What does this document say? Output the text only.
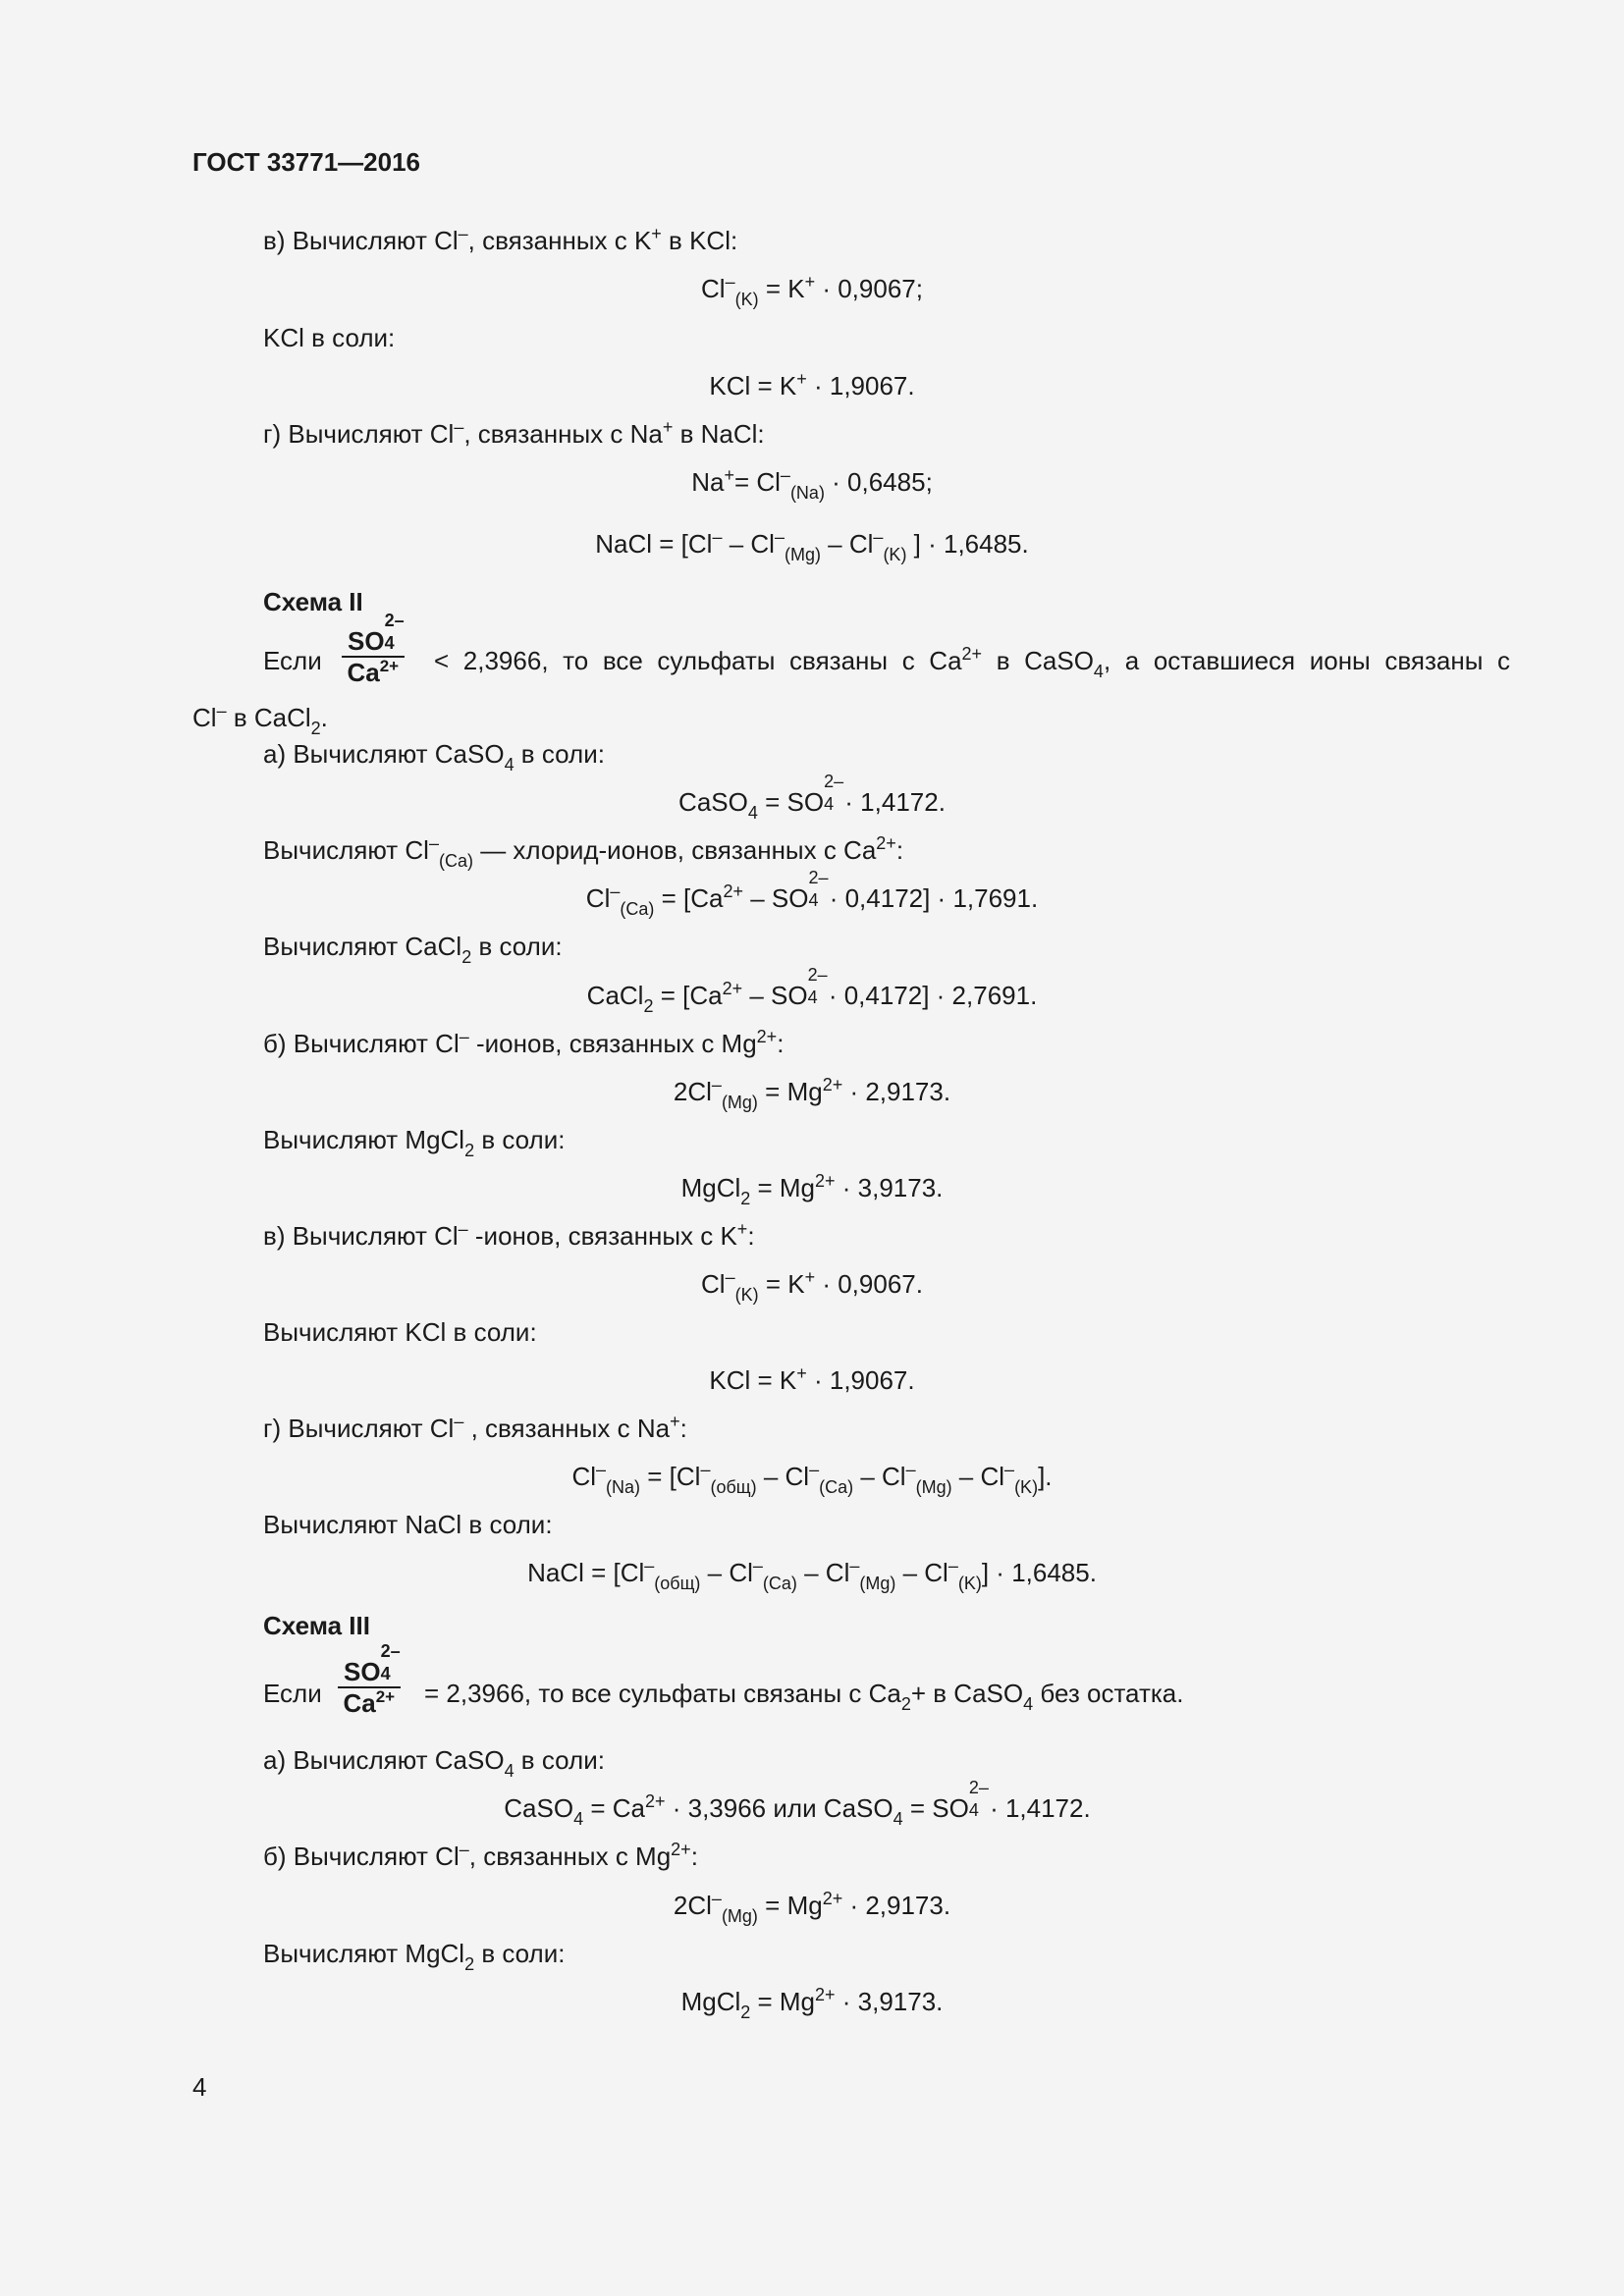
ГОСТ 33771—2016
в) Вычисляют Cl–, связанных с K+ в KCl:
$Cl^-_{(K)} = K^+ \cdot 0,9067$;
KCl в соли:
KCl = K+ · 1,9067.
г) Вычисляют Cl–, связанных с Na+ в NaCl:
$Na^+= Cl^-_{(Na)} \cdot 0,6485$;
NaCl = [$Cl^- - Cl^-_{(Mg)} - Cl^-_{(K)}$ ] · 1,6485.
Схема II
Если SO
2–
4
$Ca^{2+} < 2,3966$, то все сульфаты связаны с $Ca^{2+}$ в CaSO$_4$, а оставшиеся ионы связаны с
Cl– в CaCl$_2$.
а) Вычисляют CaSO$_4$ в соли:
CaSO$_4$ = SO
2–
4 · 1,4172.
Вычисляют $Cl^-_{(Ca)}$ — хлорид-ионов, связанных с $Ca^{2+}$:
$Cl^-_{(Ca)} = [Ca^{2+}$ – SO
2–
4 · 0,4172] · 1,7691.
Вычисляют CaCl$_2$ в соли:
CaCl$_2$ = [$Ca^{2+}$ – SO
2–
4 · 0,4172] · 2,7691.
б) Вычисляют Cl– -ионов, связанных с $Mg^{2+}$:
$2Cl^-_{(Mg)} = Mg^{2+} \cdot 2,9173$.
Вычисляют MgCl$_2$ в соли:
MgCl$_2$ = $Mg^{2+} \cdot 3,9173$.
в) Вычисляют Cl– -ионов, связанных с K+:
$Cl^-_{(K)} = K^+ \cdot 0,9067$.
Вычисляют KCl в соли:
KCl = K+ · 1,9067.
г) Вычисляют Cl– , связанных с Na+:
$Cl^-_{(Na)} = [Cl^-_{(общ)} - Cl^-_{(Ca)} - Cl^-_{(Mg)} - Cl^-_{(K)}]$.
Вычисляют NaCl в соли:
NaCl = $[Cl^-_{(общ)} - Cl^-_{(Ca)} - Cl^-_{(Mg)} - Cl^-_{(K)}] \cdot 1,6485$.
Схема III
Если SO
2–
4
$Ca^{2+} = 2,3966$, то все сульфаты связаны с $Ca_2+ в$ CaSO$_4$ без остатка.
а) Вычисляют CaSO$_4$ в соли:
CaSO$_4$ = $Ca^{2+} \cdot 3,3966$ или CaSO$_4$ = SO
2–
4 · 1,4172.
б) Вычисляют Cl–, связанных с $Mg^{2+}$:
$2Cl^-_{(Mg)} = Mg^{2+} \cdot 2,9173$.
Вычисляют MgCl$_2$ в соли:
MgCl$_2$ = $Mg^{2+} \cdot 3,9173$.
4
